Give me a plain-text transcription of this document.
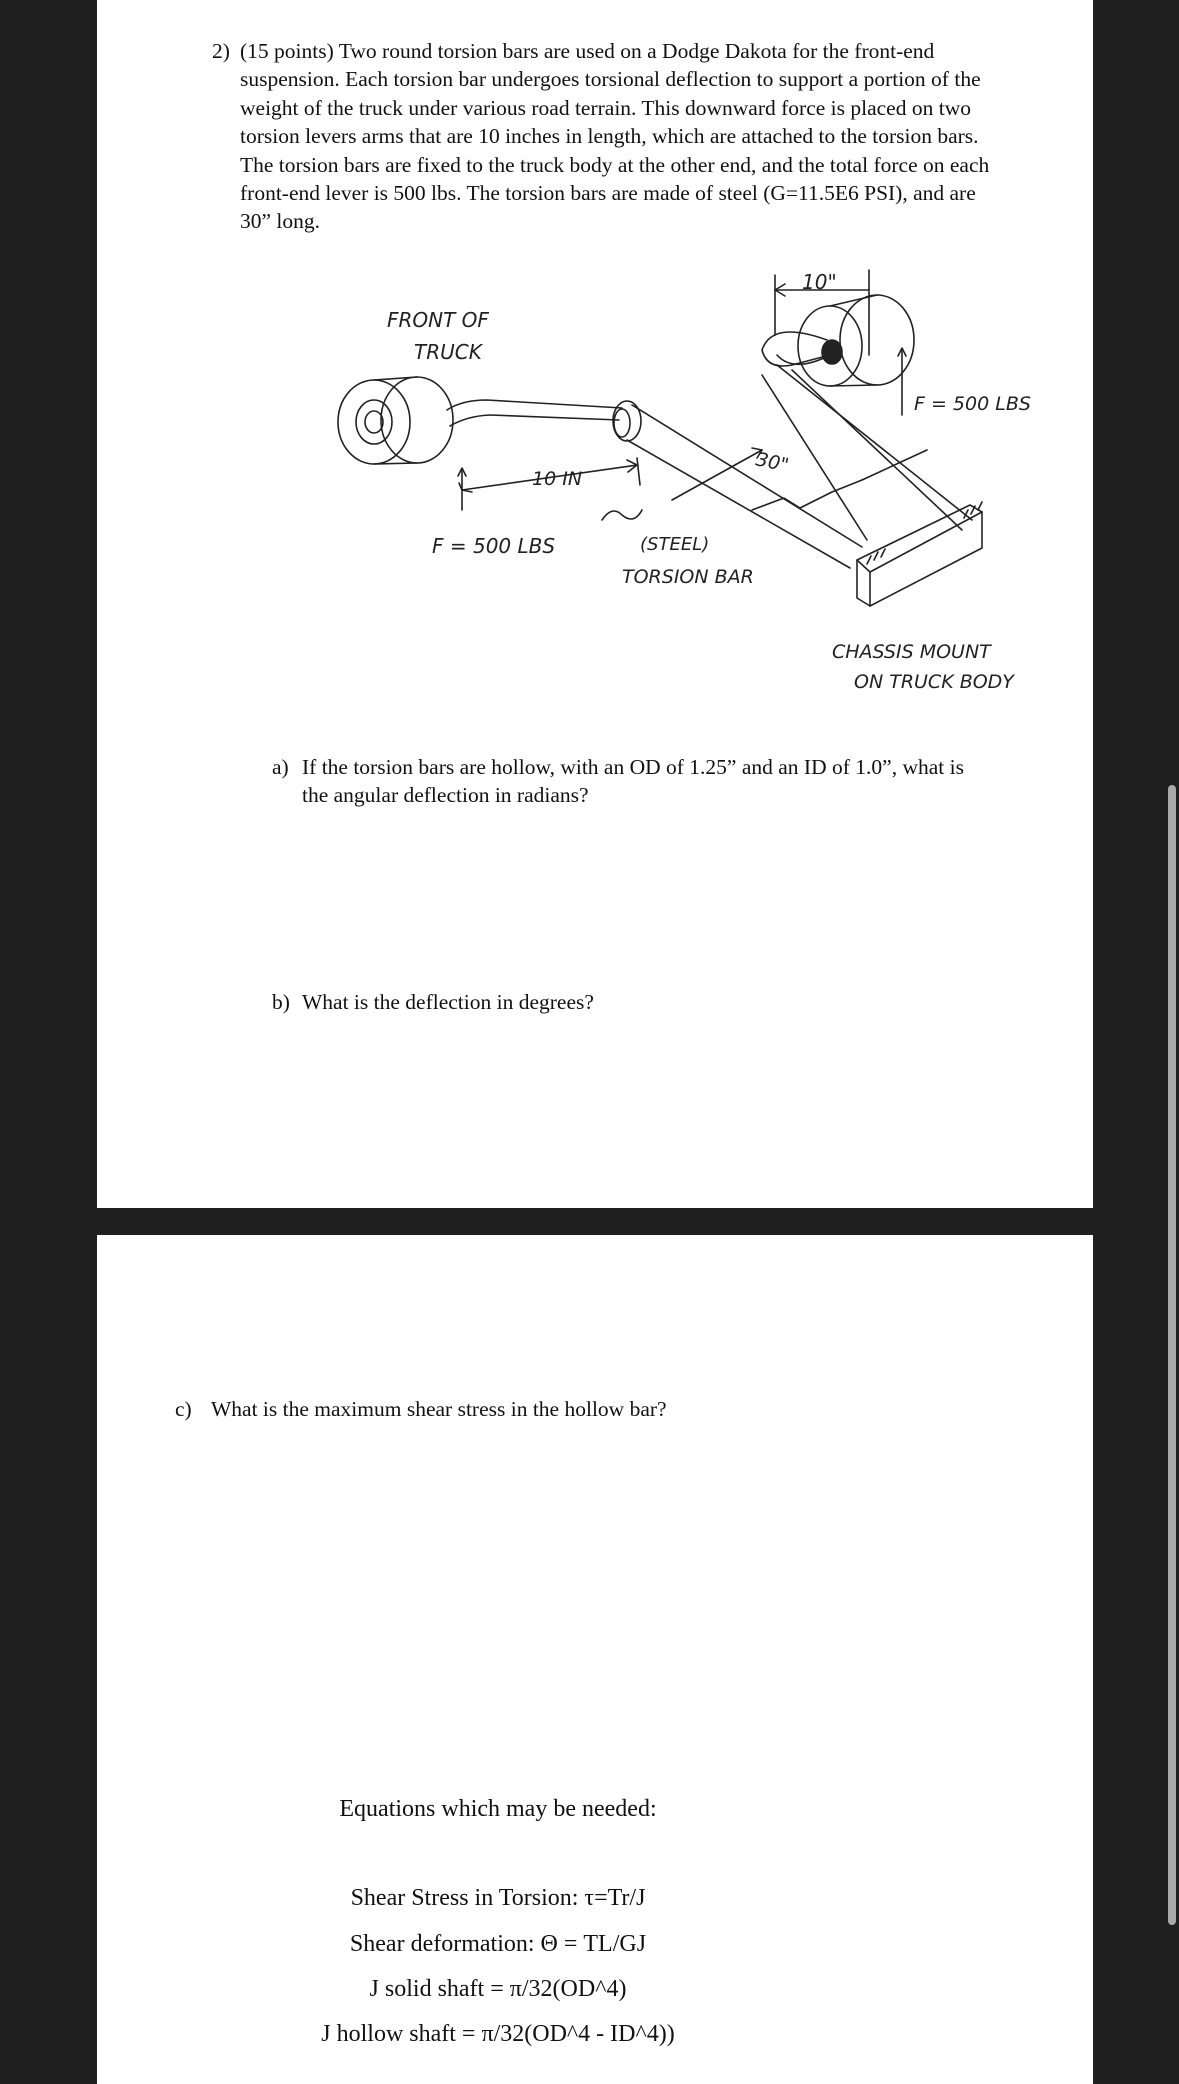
2) (15 points) Two round torsion bars are used on a Dodge Dakota for the front-end suspension. Each torsion bar undergoes torsional deflection to support a portion of the weight of the truck under various road terrain. This downward force is placed on two torsion levers arms that are 10 inches in length, which are attached to the torsion bars. The torsion bars are fixed to the truck body at the other end, and the total force on each front-end lever is 500 lbs. The torsion bars are made of steel (G=11.5E6 PSI), and are 30” long.
FRONT OF
TRUCK
10"
F = 500 LBS
30"
10 IN
F = 500 LBS	(STEEL)
TORSION BAR
CHASSIS MOUNT
ON TRUCK BODY
a) If the torsion bars are hollow, with an OD of 1.25” and an ID of 1.0”, what is the angular deflection in radians?
b) What is the deflection in degrees?
c) What is the maximum shear stress in the hollow bar?
Equations which may be needed:
Shear Stress in Torsion: τ=Tr/J
Shear deformation: Θ = TL/GJ
J solid shaft = π/32(OD^4)
J hollow shaft = π/32(OD^4 - ID^4))
